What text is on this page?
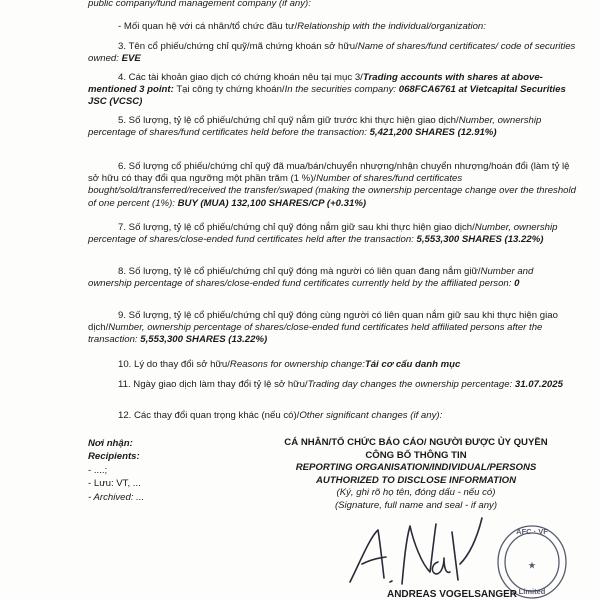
public company/fund management company (if any):

- Mối quan hệ với cá nhân/tổ chức đầu tư/Relationship with the individual/organization:

3. Tên cổ phiếu/chứng chỉ quỹ/mã chứng khoán sở hữu/Name of shares/fund certificates/ code of securities owned: EVE

4. Các tài khoản giao dịch có chứng khoán nêu tại mục 3/Trading accounts with shares at above-mentioned 3 point: Tại công ty chứng khoán/In the securities company: 068FCA6761 at Vietcapital Securities JSC (VCSC)

5. Số lượng, tỷ lệ cổ phiếu/chứng chỉ quỹ nắm giữ trước khi thực hiện giao dịch/Number, ownership percentage of shares/fund certificates held before the transaction: 5,421,200 SHARES (12.91%)

6. Số lượng cổ phiếu/chứng chỉ quỹ đã mua/bán/chuyển nhượng/nhận chuyển nhượng/hoán đổi (làm tỷ lệ sở hữu có thay đổi qua ngưỡng một phần trăm (1 %)/Number of shares/fund certificates bought/sold/transferred/received the transfer/swaped (making the ownership percentage change over the threshold of one percent (1%): BUY (MUA) 132,100 SHARES/CP (+0.31%)

7. Số lượng, tỷ lệ cổ phiếu/chứng chỉ quỹ đóng nắm giữ sau khi thực hiện giao dịch/Number, ownership percentage of shares/close-ended fund certificates held after the transaction: 5,553,300 SHARES (13.22%)

8. Số lượng, tỷ lệ cổ phiếu/chứng chỉ quỹ đóng mà người có liên quan đang nắm giữ/Number and ownership percentage of shares/close-ended fund certificates currently held by the affiliated person: 0

9. Số lượng, tỷ lệ cổ phiếu/chứng chỉ quỹ đóng cùng người có liên quan nắm giữ sau khi thực hiện giao dịch/Number, ownership percentage of shares/close-ended fund certificates held affiliated persons after the transaction: 5,553,300 SHARES (13.22%)

10. Lý do thay đổi sở hữu/Reasons for ownership change:Tái cơ cấu danh mục

11. Ngày giao dịch làm thay đổi tỷ lệ sở hữu/Trading day changes the ownership percentage: 31.07.2025

12. Các thay đổi quan trọng khác (nếu có)/Other significant changes (if any):

Nơi nhận:
Recipients:
- ....;
- Lưu: VT, ...
- Archived: ...
CÁ NHÂN/TỔ CHỨC BÁO CÁO/ NGƯỜI ĐƯỢC ỦY QUYỀN
CÔNG BỐ THÔNG TIN
REPORTING ORGANISATION/INDIVIDUAL/PERSONS
AUTHORIZED TO DISCLOSE INFORMATION
(Ký, ghi rõ họ tên, đóng dấu - nếu có)
(Signature, full name and seal - if any)
AFC · VF
★
Limited
ANDREAS VOGELSANGER
